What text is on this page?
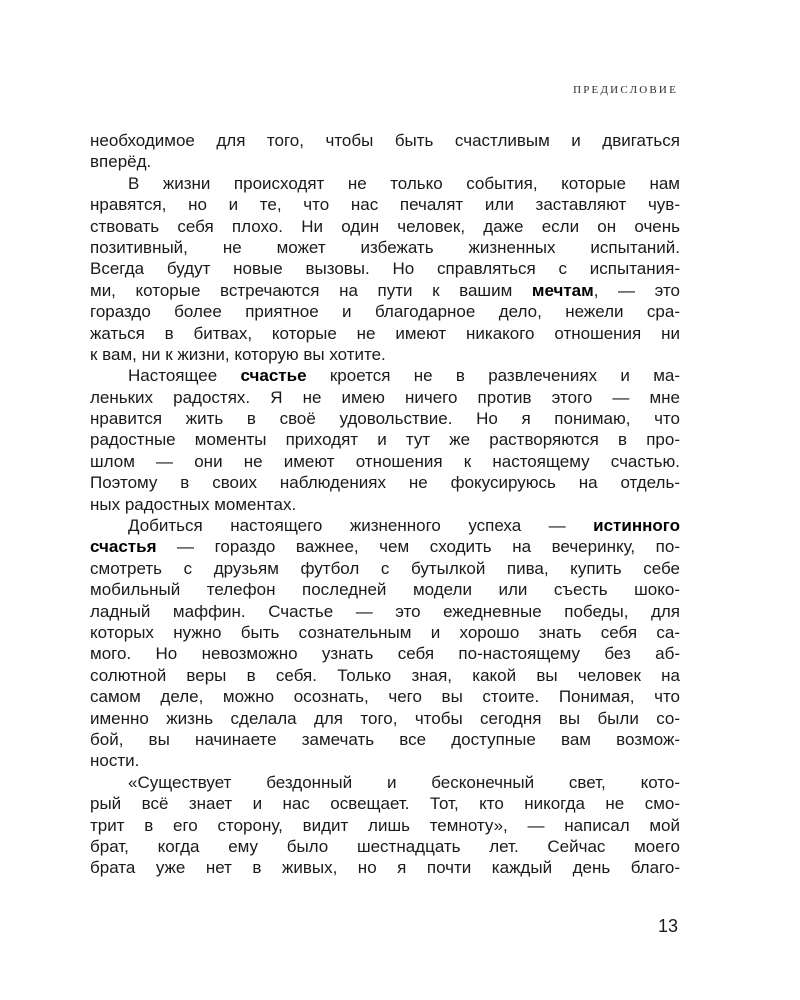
ПРЕДИСЛОВИЕ
необходимое для того, чтобы быть счастливым и двигаться
вперёд.
В жизни происходят не только события, которые нам
нравятся, но и те, что нас печалят или заставляют чув-
ствовать себя плохо. Ни один человек, даже если он очень
позитивный, не может избежать жизненных испытаний.
Всегда будут новые вызовы. Но справляться с испытания-
ми, которые встречаются на пути к вашим мечтам, — это
гораздо более приятное и благодарное дело, нежели сра-
жаться в битвах, которые не имеют никакого отношения ни
к вам, ни к жизни, которую вы хотите.
Настоящее счастье кроется не в развлечениях и ма-
леньких радостях. Я не имею ничего против этого — мне
нравится жить в своё удовольствие. Но я понимаю, что
радостные моменты приходят и тут же растворяются в про-
шлом — они не имеют отношения к настоящему счастью.
Поэтому в своих наблюдениях не фокусируюсь на отдель-
ных радостных моментах.
Добиться настоящего жизненного успеха — истинного
счастья — гораздо важнее, чем сходить на вечеринку, по-
смотреть с друзьям футбол с бутылкой пива, купить себе
мобильный телефон последней модели или съесть шоко-
ладный маффин. Счастье — это ежедневные победы, для
которых нужно быть сознательным и хорошо знать себя са-
мого. Но невозможно узнать себя по-настоящему без аб-
солютной веры в себя. Только зная, какой вы человек на
самом деле, можно осознать, чего вы стоите. Понимая, что
именно жизнь сделала для того, чтобы сегодня вы были со-
бой, вы начинаете замечать все доступные вам возмож-
ности.
«Существует бездонный и бесконечный свет, кото-
рый всё знает и нас освещает. Тот, кто никогда не смо-
трит в его сторону, видит лишь темноту», — написал мой
брат, когда ему было шестнадцать лет. Сейчас моего
брата уже нет в живых, но я почти каждый день благо-
13
